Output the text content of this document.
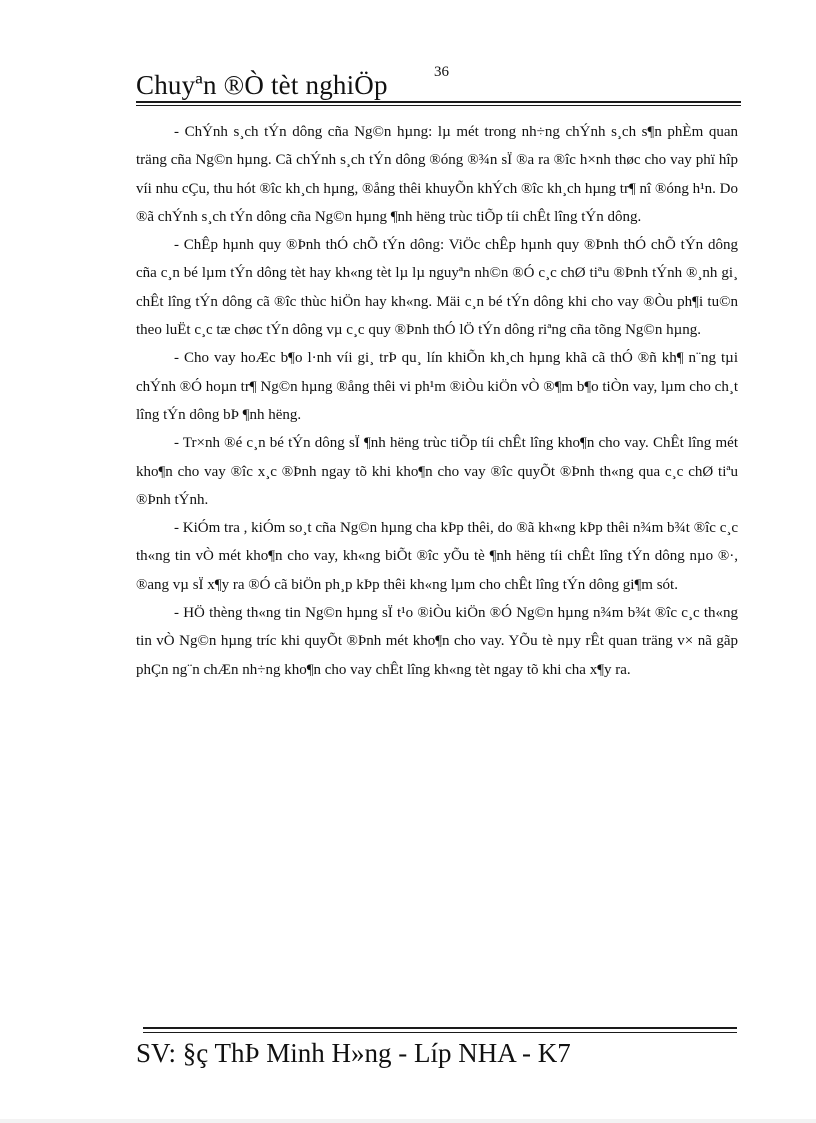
Chuyªn ®Ò tèt nghiÖp	36

- ChÝnh s¸ch tÝn dông cña Ng©n hµng: lµ mét trong nh÷ng chÝnh s¸ch s¶n phÈm quan träng cña Ng©n hµng. Cã chÝnh s¸ch tÝn dông ®óng ®¾n sÏ ®a ra ®îc h×nh thøc cho vay phï hîp víi nhu cÇu, thu hót ®îc kh¸ch hµng, ®ång thêi khuyÕn khÝch ®îc kh¸ch hµng tr¶ nî ®óng h¹n. Do ®ã chÝnh s¸ch tÝn dông cña Ng©n hµng ¶nh hëng trùc tiÕp tíi chÊt lîng tÝn dông.

- ChÊp hµnh quy ®Þnh thÓ chÕ tÝn dông: ViÖc chÊp hµnh quy ®Þnh thÓ chÕ tÝn dông cña c¸n bé lµm tÝn dông tèt hay kh«ng tèt lµ lµ nguyªn nh©n ®Ó c¸c chØ tiªu ®Þnh tÝnh ®¸nh gi¸ chÊt lîng tÝn dông cã ®îc thùc hiÖn hay kh«ng. Mäi c¸n bé tÝn dông khi cho vay ®Òu ph¶i tu©n theo luËt c¸c tæ chøc tÝn dông vµ c¸c quy ®Þnh thÓ lÖ tÝn dông riªng cña tõng Ng©n hµng.

- Cho vay hoÆc b¶o l·nh víi gi¸ trÞ qu¸ lín khiÕn kh¸ch hµng khã cã thÓ ®ñ kh¶ n¨ng tµi chÝnh ®Ó hoµn tr¶ Ng©n hµng ®ång thêi vi ph¹m ®iÒu kiÖn vÒ ®¶m b¶o tiÒn vay, lµm cho ch¸t lîng tÝn dông bÞ ¶nh hëng.

- Tr×nh ®é c¸n bé tÝn dông sÏ ¶nh hëng trùc tiÕp tíi chÊt lîng kho¶n cho vay. ChÊt lîng mét kho¶n cho vay ®îc x¸c ®Þnh ngay tõ khi kho¶n cho vay ®îc quyÕt ®Þnh th«ng qua c¸c chØ tiªu ®Þnh tÝnh.

- KiÓm tra , kiÓm so¸t cña Ng©n hµng cha kÞp thêi, do ®ã kh«ng kÞp thêi n¾m b¾t ®îc c¸c th«ng tin vÒ mét kho¶n cho vay, kh«ng biÕt ®îc yÕu tè ¶nh hëng tíi chÊt lîng tÝn dông nµo ®·, ®ang vµ sÏ x¶y ra ®Ó cã biÖn ph¸p kÞp thêi kh«ng lµm cho chÊt lîng tÝn dông gi¶m sót.

- HÖ thèng th«ng tin Ng©n hµng sÏ t¹o ®iÒu kiÖn ®Ó Ng©n hµng n¾m b¾t ®îc c¸c th«ng tin vÒ Ng©n hµng tríc khi quyÕt ®Þnh mét kho¶n cho vay. YÕu tè nµy rÊt quan träng v× nã gãp phÇn ng¨n chÆn nh÷ng kho¶n cho vay chÊt lîng kh«ng tèt ngay tõ khi cha x¶y ra.

SV: §ç ThÞ Minh H»ng - Líp NHA - K7
